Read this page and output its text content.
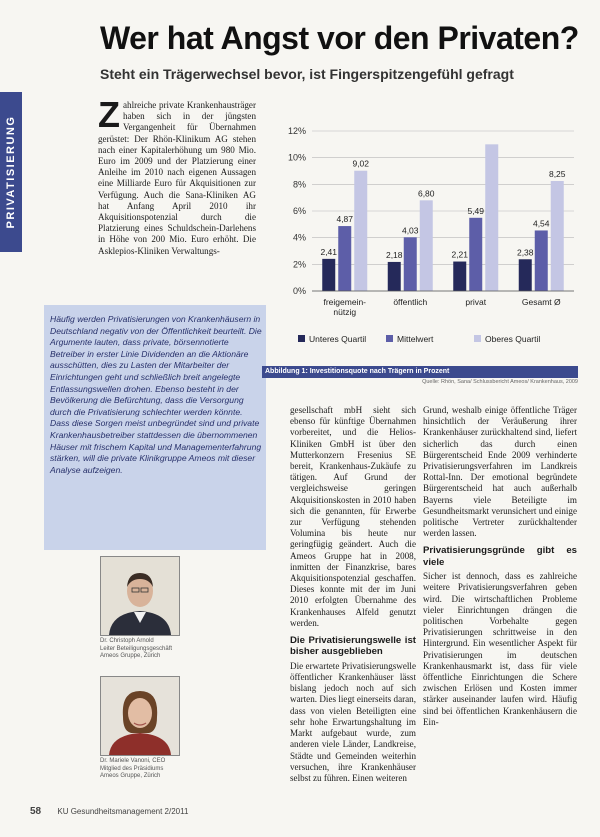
PRIVATISIERUNG
Wer hat Angst vor den Privaten?
Steht ein Trägerwechsel bevor, ist Fingerspitzengefühl gefragt
Zahlreiche private Krankenhausträger haben sich in der jüngsten Vergangenheit für Übernahmen gerüstet: Der Rhön-Klinikum AG stehen nach einer Kapitalerhöhung um 980 Mio. Euro im 2009 und der Platzierung einer Anleihe im 2010 nach eigenen Aussagen eine Milliarde Euro für Akquisitionen zur Verfügung. Auch die Sana-Kliniken AG hat Anfang April 2010 ihr Akquisitionspotenzial durch die Platzierung eines Schuldschein-Darlehens in Höhe von 200 Mio. Euro erhöht. Die Asklepios-Kliniken Verwaltungs-
Häufig werden Privatisierungen von Krankenhäusern in Deutschland negativ von der Öffentlichkeit beurteilt. Die Argumente lauten, dass private, börsennotierte Betreiber in erster Linie Dividenden an die Aktionäre ausschütten, dies zu Lasten der Mitarbeiter der Einrichtungen geht und schließlich breit angelegte Entlassungswellen drohen. Ebenso besteht in der Bevölkerung die Befürchtung, dass die Versorgung durch die Privatisierung schlechter werden könnte. Dass diese Sorgen meist unbegründet sind und private Krankenhausbetreiber stattdessen die übernommenen Häuser mit frischem Kapital und Managementerfahrung stärken, will die private Klinikgruppe Ameos mit dieser Analyse aufzeigen.
Dr. Christoph Arnold
Leiter Beteiligungsgeschäft
Ameos Gruppe, Zürich
Dr. Mariele Vanoni, CEO
Mitglied des Präsidiums
Ameos Gruppe, Zürich
0%
2%
4%
6%
8%
10%
12%
2,41
4,87
9,02
freigemein-
nützig
2,18
4,03
6,80
öffentlich
2,21
5,49
privat
2,38
4,54
8,25
Gesamt Ø
Unteres Quartil	Mittelwert	Oberes Quartil
Abbildung 1: Investitionsquote nach Trägern in Prozent
Quelle: Rhön, Sana/ Schlussbericht Ameos/ Krankenhaus, 2009

gesellschaft mbH sieht sich ebenso für künftige Übernahmen vorbereitet, und die Helios-Kliniken GmbH ist über den Mutterkonzern Fresenius SE bereit, Krankenhaus-Zukäufe zu tätigen. Auf Grund der vergleichsweise geringen Akquisitionskosten in 2010 haben sich die genannten, für Erwerbe zur Verfügung stehenden Volumina bis heute nur geringfügig geändert. Auch die Ameos Gruppe hat in 2008, inmitten der Finanzkrise, bares Akquisitionspotenzial geschaffen. Dieses konnte mit der im Juni 2010 erfolgten Übernahme des Krankenhauses Alfeld genutzt werden.

Die Privatisierungswelle ist bisher ausgeblieben

Die erwartete Privatisierungswelle öffentlicher Krankenhäuser lässt bislang jedoch noch auf sich warten. Dies liegt einerseits daran, dass von vielen Beteiligten eine sehr hohe Erwartungshaltung im Markt aufgebaut wurde, zum anderen viele Länder, Landkreise, Städte und Gemeinden weiterhin versuchen, ihre Krankenhäuser selbst zu führen. Einen weiteren

Grund, weshalb einige öffentliche Träger hinsichtlich der Veräußerung ihrer Krankenhäuser zurückhaltend sind, liefert sicherlich das durch einen Bürgerentscheid Ende 2009 verhinderte Privatisierungsverfahren im Landkreis Rottal-Inn. Der emotional begründete Bürgerentscheid hat auch außerhalb Bayerns viele Beteiligte im Gesundheitsmarkt verunsichert und einige politische Vertreter zurückhaltender werden lassen.

Privatisierungsgründe gibt es viele

Sicher ist dennoch, dass es zahlreiche weitere Privatisierungsverfahren geben wird. Die wirtschaftlichen Probleme vieler Einrichtungen drängen die politischen Vorbehalte gegen Privatisierungen schrittweise in den Hintergrund. Ein wesentlicher Aspekt für Privatisierungen im deutschen Krankenhausmarkt ist, dass für viele öffentliche Einrichtungen die Schere zwischen Erlösen und Kosten immer stärker auseinander laufen wird. Häufig sind bei öffentlichen Krankenhäusern die Ein-

58 KU Gesundheitsmanagement 2/2011
